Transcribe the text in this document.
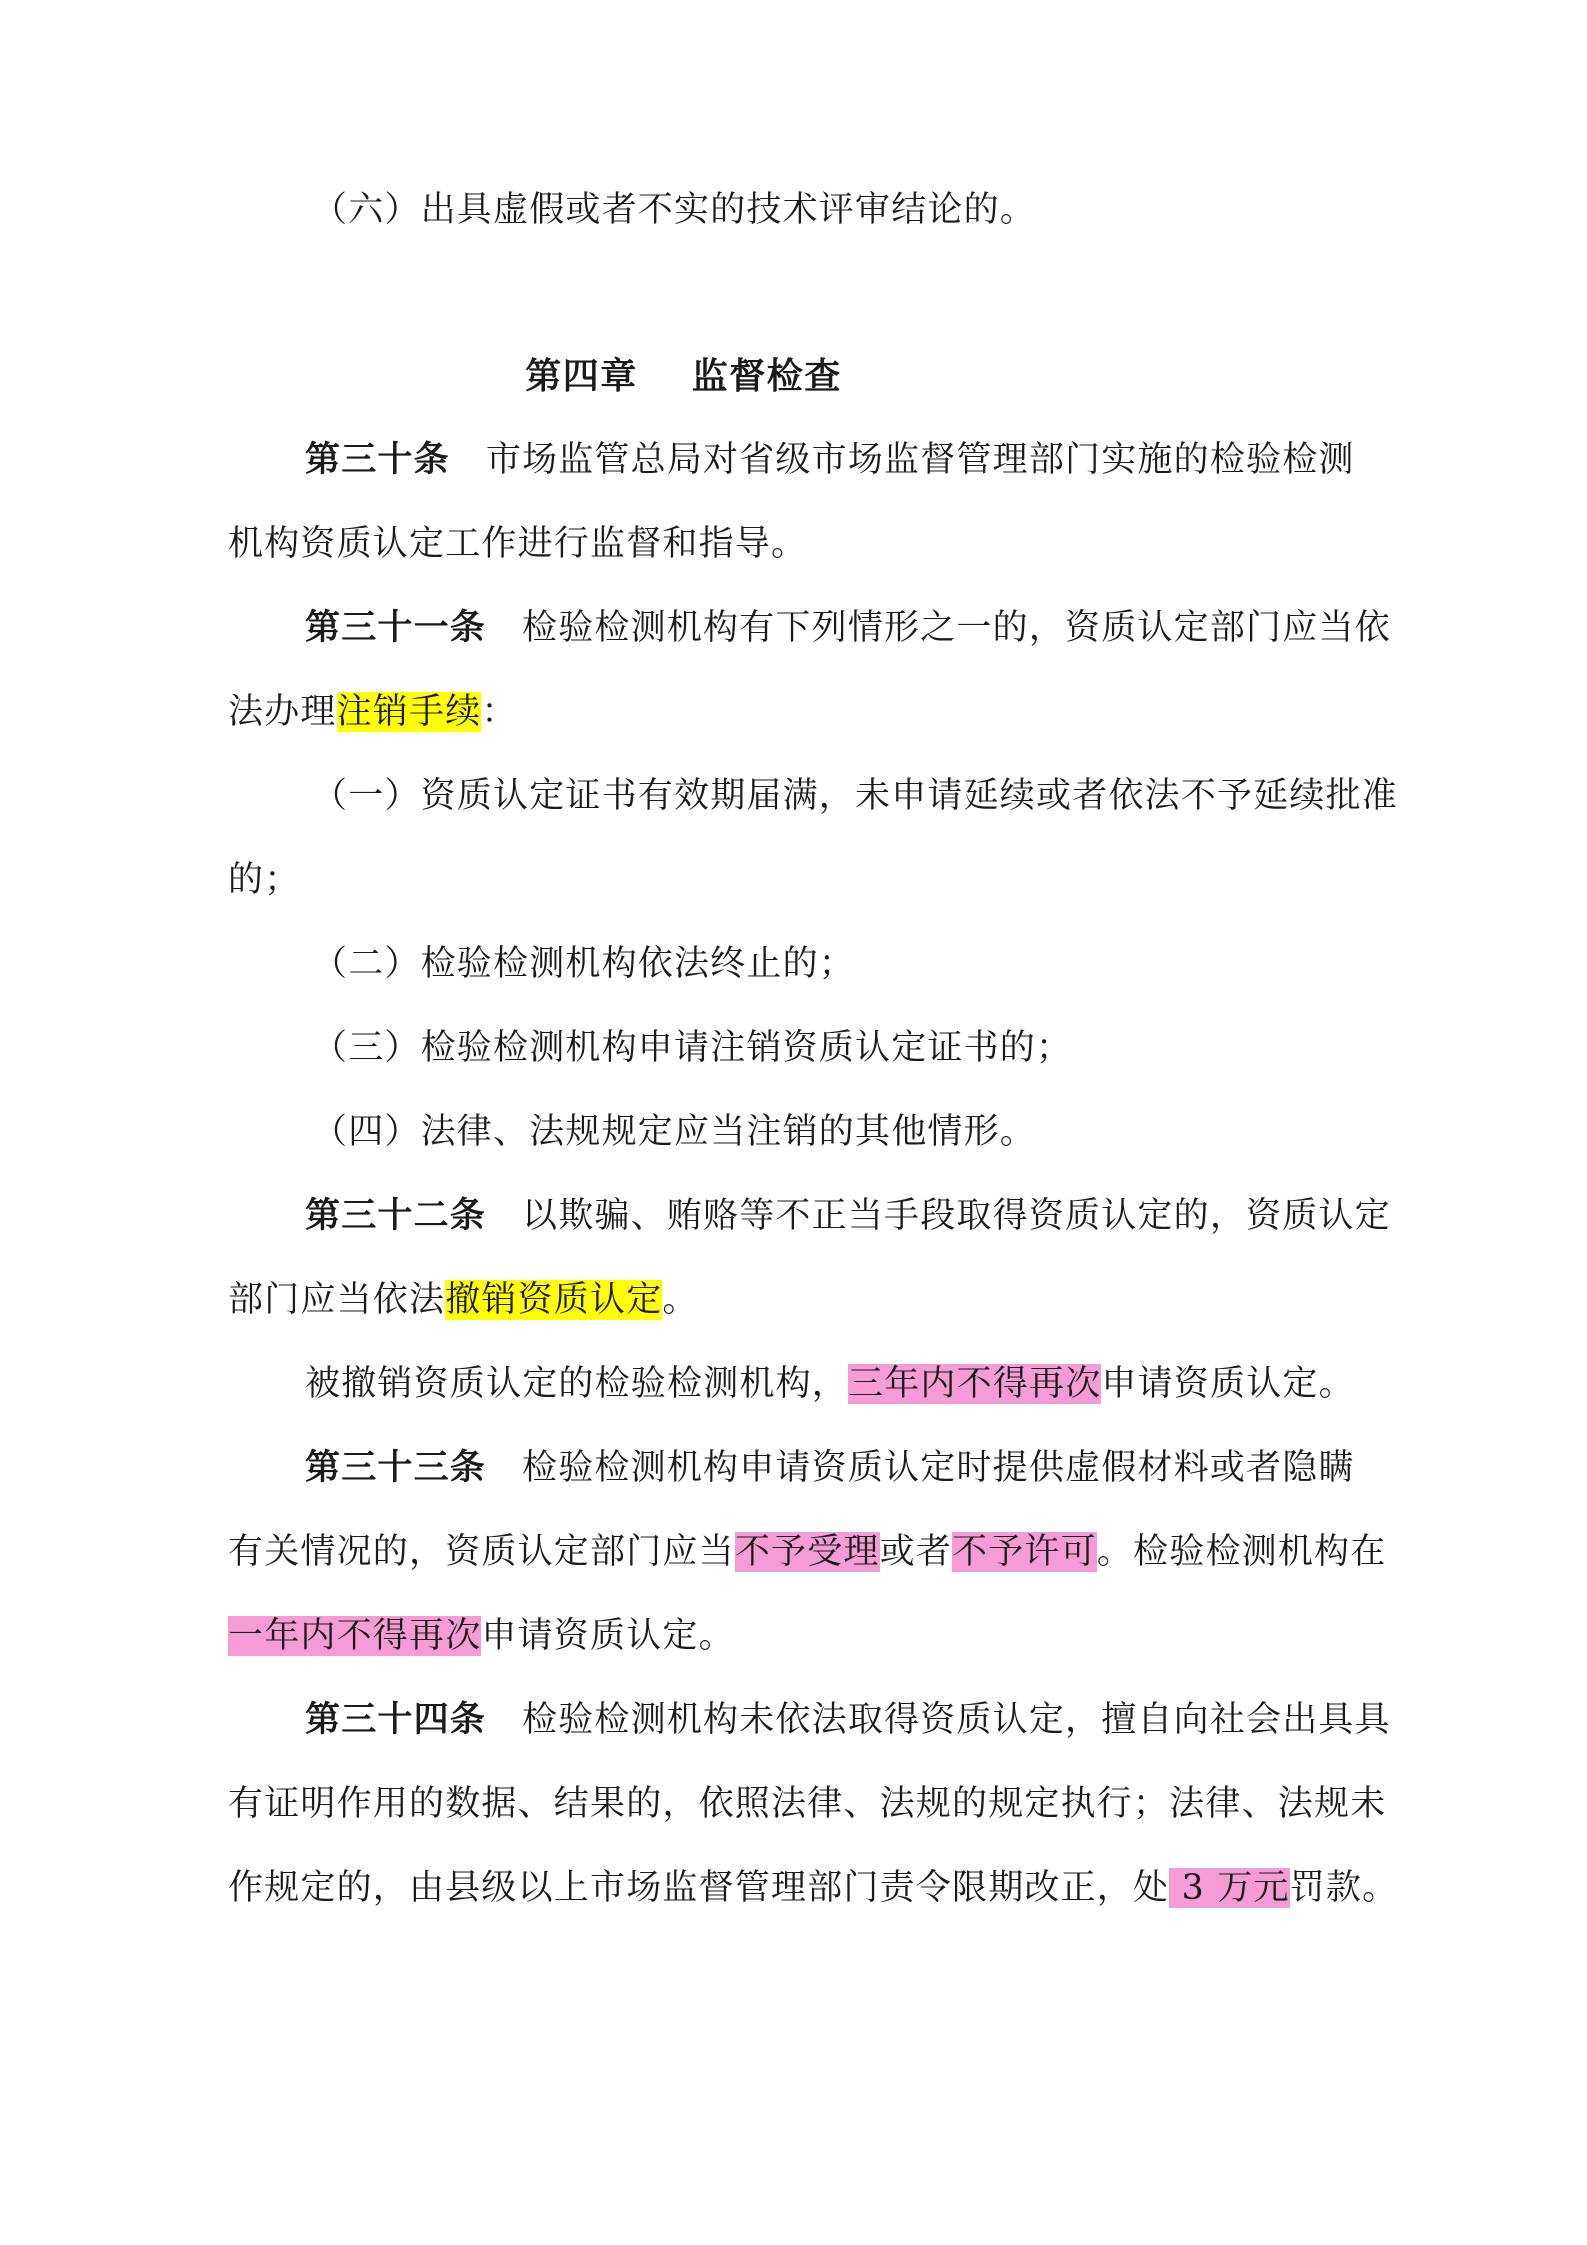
（六）出具虚假或者不实的技术评审结论的。
第四章 监督检查
第三十条 市场监管总局对省级市场监督管理部门实施的检验检测
机构资质认定工作进行监督和指导。
第三十一条 检验检测机构有下列情形之一的，资质认定部门应当依
法办理注销手续：
（一）资质认定证书有效期届满，未申请延续或者依法不予延续批准
的；
（二）检验检测机构依法终止的；
（三）检验检测机构申请注销资质认定证书的；
（四）法律、法规规定应当注销的其他情形。
第三十二条 以欺骗、贿赂等不正当手段取得资质认定的，资质认定
部门应当依法撤销资质认定。
被撤销资质认定的检验检测机构，三年内不得再次申请资质认定。
第三十三条 检验检测机构申请资质认定时提供虚假材料或者隐瞒
有关情况的，资质认定部门应当不予受理或者不予许可。检验检测机构在
一年内不得再次申请资质认定。
第三十四条 检验检测机构未依法取得资质认定，擅自向社会出具具
有证明作用的数据、结果的，依照法律、法规的规定执行；法律、法规未
作规定的，由县级以上市场监督管理部门责令限期改正，处 3 万元罚款。
